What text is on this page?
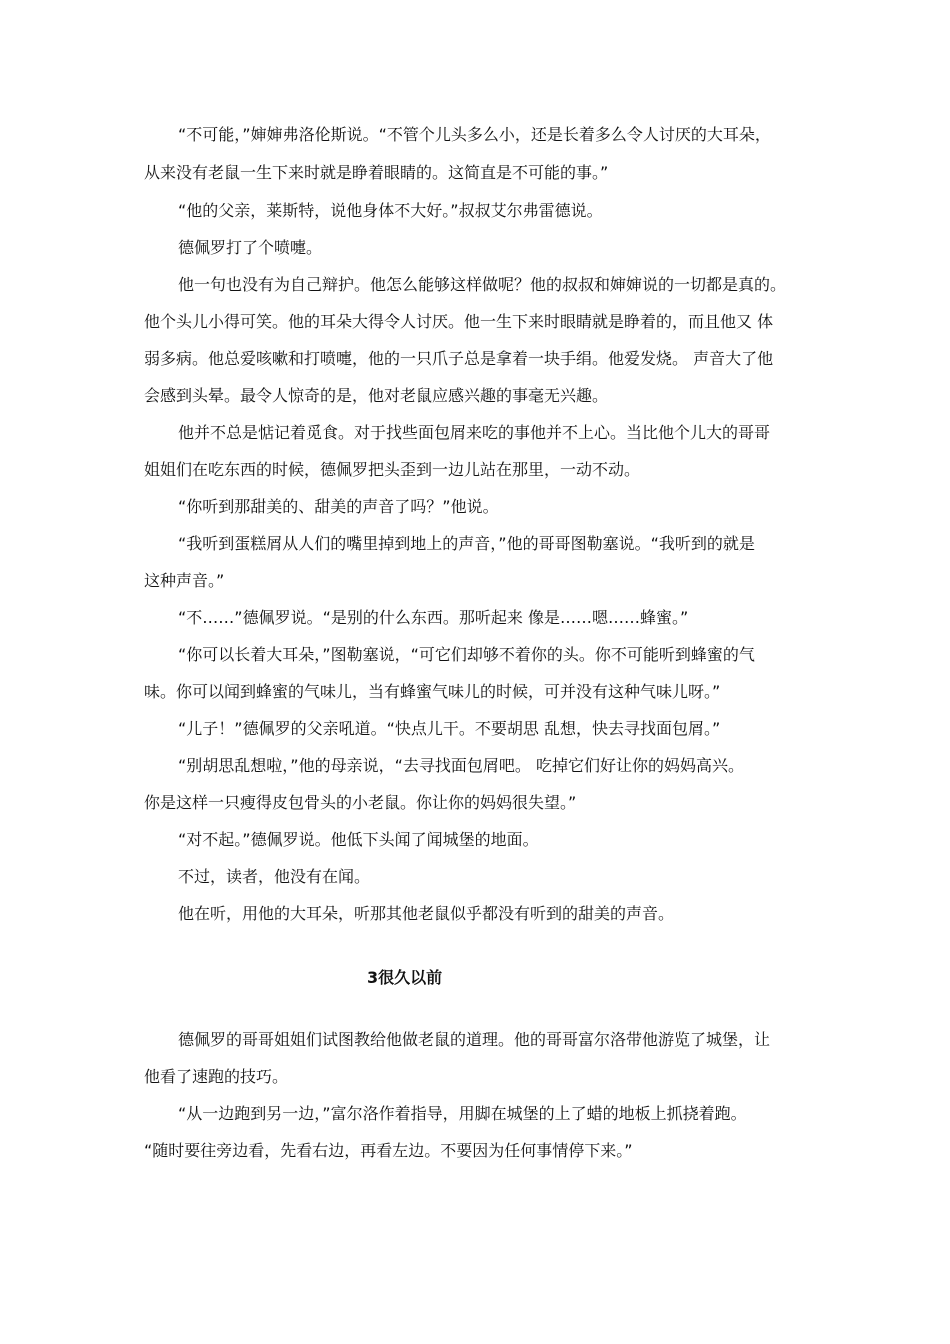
“不可能，”婶婶弗洛伦斯说。“不管个儿头多么小，还是长着多么令人讨厌的大耳朵，
从来没有老鼠一生下来时就是睁着眼睛的。这简直是不可能的事。”
“他的父亲，莱斯特，说他身体不大好。”叔叔艾尔弗雷德说。
德佩罗打了个喷嚏。
他一句也没有为自己辩护。他怎么能够这样做呢？他的叔叔和婶婶说的一切都是真的。
他个头儿小得可笑。他的耳朵大得令人讨厌。他一生下来时眼睛就是睁着的，而且他又 体
弱多病。他总爱咳嗽和打喷嚏，他的一只爪子总是拿着一块手绢。他爱发烧。 声音大了他
会感到头晕。最令人惊奇的是，他对老鼠应感兴趣的事毫无兴趣。
他并不总是惦记着觅食。对于找些面包屑来吃的事他并不上心。当比他个儿大的哥哥
姐姐们在吃东西的时候，德佩罗把头歪到一边儿站在那里，一动不动。
“你听到那甜美的、甜美的声音了吗？”他说。
“我听到蛋糕屑从人们的嘴里掉到地上的声音，”他的哥哥图勒塞说。“我听到的就是
这种声音。”
“不……”德佩罗说。“是别的什么东西。那听起来 像是……嗯……蜂蜜。”
“你可以长着大耳朵，”图勒塞说，“可它们却够不着你的头。你不可能听到蜂蜜的气
味。你可以闻到蜂蜜的气味儿，当有蜂蜜气味儿的时候，可并没有这种气味儿呀。”
“儿子！”德佩罗的父亲吼道。“快点儿干。不要胡思 乱想，快去寻找面包屑。”
“别胡思乱想啦，”他的母亲说，“去寻找面包屑吧。 吃掉它们好让你的妈妈高兴。
你是这样一只瘦得皮包骨头的小老鼠。你让你的妈妈很失望。”
“对不起。”德佩罗说。他低下头闻了闻城堡的地面。
不过，读者，他没有在闻。
他在听，用他的大耳朵，听那其他老鼠似乎都没有听到的甜美的声音。
3很久以前
德佩罗的哥哥姐姐们试图教给他做老鼠的道理。他的哥哥富尔洛带他游览了城堡，让
他看了速跑的技巧。
“从一边跑到另一边，”富尔洛作着指导，用脚在城堡的上了蜡的地板上抓挠着跑。
“随时要往旁边看，先看右边，再看左边。不要因为任何事情停下来。”
